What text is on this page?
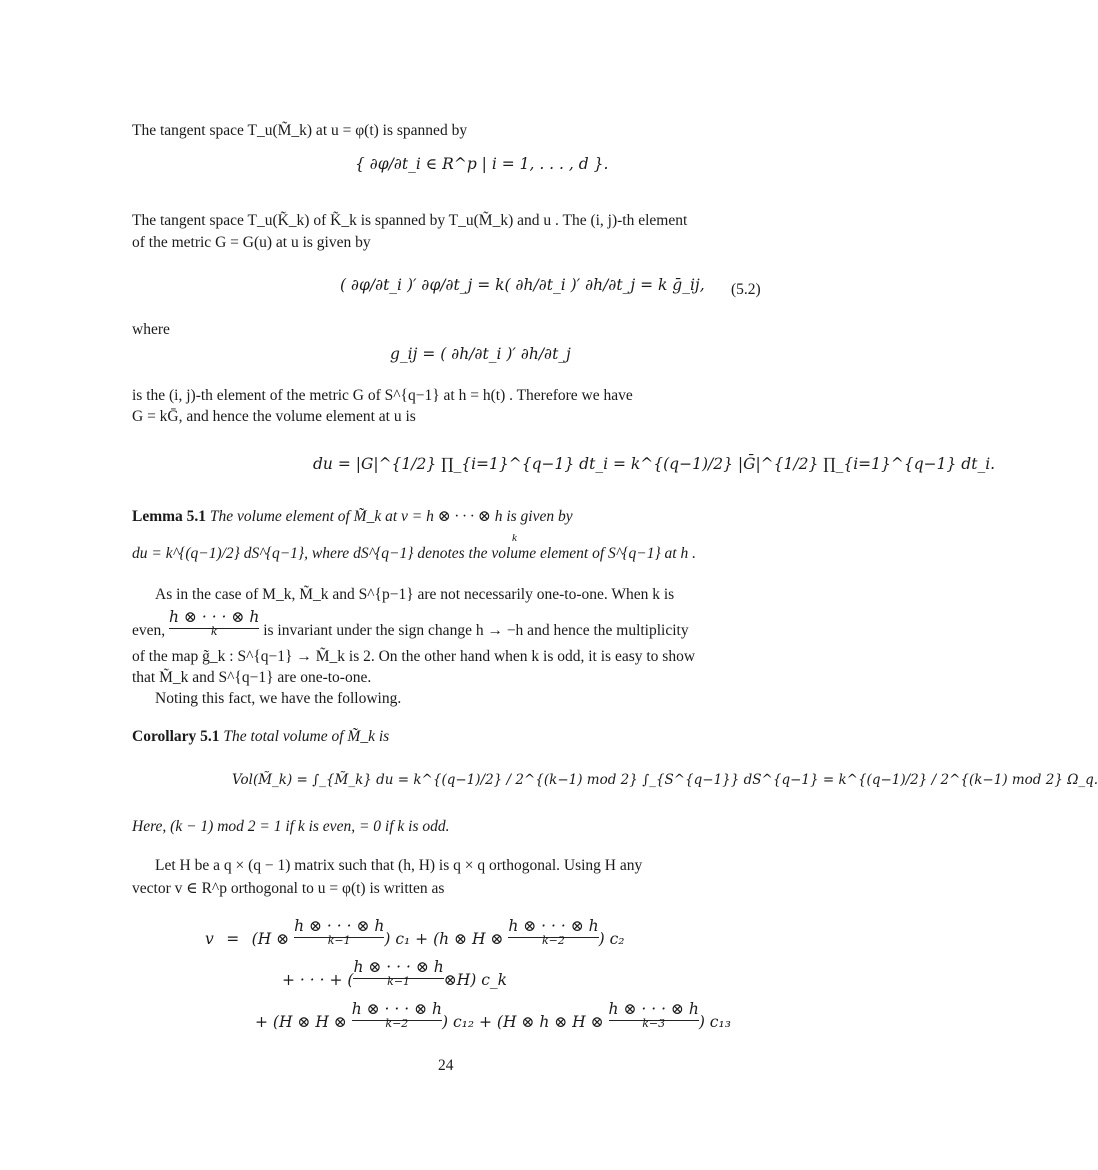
The tangent space T_u(M̃_k) at u = φ(t) is spanned by
{ ∂φ/∂t_i ∈ R^p | i = 1, . . . , d }.
The tangent space T_u(K̃_k) of K̃_k is spanned by T_u(M̃_k) and u . The (i, j)-th element
of the metric G = G(u) at u is given by
( ∂φ/∂t_i )′ ∂φ/∂t_j = k( ∂h/∂t_i )′ ∂h/∂t_j = k ḡ_ij, (5.2)
where
g_ij = ( ∂h/∂t_i )′ ∂h/∂t_j
is the (i, j)-th element of the metric G of S^{q−1} at h = h(t) . Therefore we have
G = kḠ, and hence the volume element at u is
du = |G|^{1/2} ∏_{i=1}^{q−1} dt_i = k^{(q−1)/2} |Ḡ|^{1/2} ∏_{i=1}^{q−1} dt_i.
Lemma 5.1 The volume element of M̃_k at v = h ⊗ · · · ⊗ h is given by
k
du = k^{(q−1)/2} dS^{q−1}, where dS^{q−1} denotes the volume element of S^{q−1} at h .
As in the case of M_k, M̃_k and S^{p−1} are not necessarily one-to-one. When k is
even, h ⊗ · · · ⊗ h
k	is invariant under the sign change h → −h and hence the multiplicity
of the map g̃_k : S^{q−1} → M̃_k is 2. On the other hand when k is odd, it is easy to show
that M̃_k and S^{q−1} are one-to-one.
Noting this fact, we have the following.
Corollary 5.1 The total volume of M̃_k is
Vol(M̃_k) = ∫_{M̃_k} du = k^{(q−1)/2} / 2^{(k−1) mod 2} ∫_{S^{q−1}} dS^{q−1} = k^{(q−1)/2} / 2^{(k−1) mod 2} Ω_q.
Here, (k − 1) mod 2 = 1 if k is even, = 0 if k is odd.
Let H be a q × (q − 1) matrix such that (h, H) is q × q orthogonal. Using H any
vector v ∈ R^p orthogonal to u = φ(t) is written as
v = (H ⊗ h ⊗ · · · ⊗ h
k−1	) c₁ + (h ⊗ H ⊗ h ⊗ · · · ⊗ h
k−2	) c₂
+ · · · + (h ⊗ · · · ⊗ h
k−1	⊗H) c_k
+ (H ⊗ H ⊗ h ⊗ · · · ⊗ h
k−2	) c₁₂ + (H ⊗ h ⊗ H ⊗ h ⊗ · · · ⊗ h
k−3	) c₁₃
24
